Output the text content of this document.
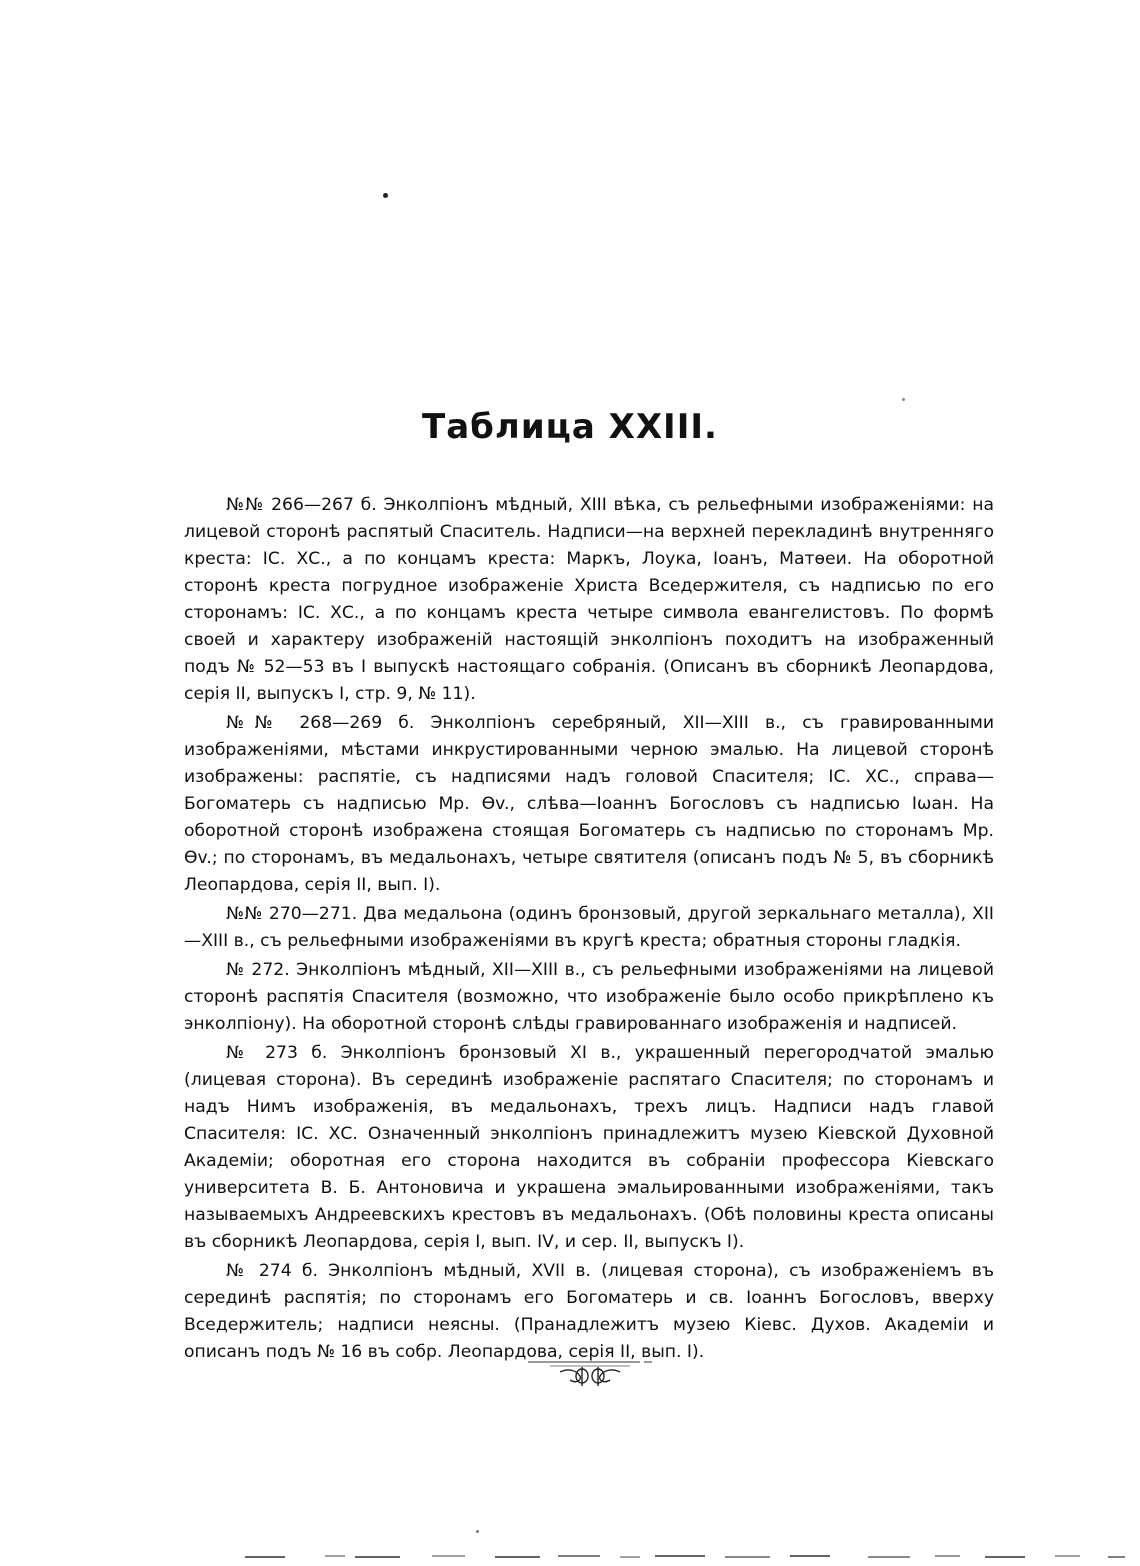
Таблица XXIII.

№№ 266—267 б. Энколпіонъ мѣдный, XIII вѣка, съ рельефными изображеніями: на лицевой сторонѣ распятый Спаситель. Надписи—на верхней перекладинѣ внутренняго креста: IС. ХС., а по концамъ креста: Маркъ, Лоука, Іоанъ, Матѳеи. На оборотной сторонѣ креста погрудное изображеніе Христа Вседержителя, съ надписью по его сторонамъ: IС. ХС., а по концамъ креста четыре символа евангелистовъ. По формѣ своей и характеру изображеній настоящій энколпіонъ походитъ на изображенный подъ № 52—53 въ I выпускѣ настоящаго собранія. (Описанъ въ сборникѣ Леопардова, серія II, выпускъ I, стр. 9, № 11).

№№ 268—269 б. Энколпіонъ серебряный, XII—XIII в., съ гравированными изображеніями, мѣстами инкрустированными черною эмалью. На лицевой сторонѣ изображены: распятіе, съ надписями надъ головой Спасителя; IС. ХС., справа—Богоматерь съ надписью Мр. Ѳv., слѣва—Іоаннъ Богословъ съ надписью Іωан. На оборотной сторонѣ изображена стоящая Богоматерь съ надписью по сторонамъ Мр. Ѳv.; по сторонамъ, въ медальонахъ, четыре святителя (описанъ подъ № 5, въ сборникѣ Леопардова, серія II, вып. I).

№№ 270—271. Два медальона (одинъ бронзовый, другой зеркальнаго металла), XII—XIII в., съ рельефными изображеніями въ кругѣ креста; обратныя стороны гладкія.

№ 272. Энколпіонъ мѣдный, XII—XIII в., съ рельефными изображеніями на лицевой сторонѣ распятія Спасителя (возможно, что изображеніе было особо прикрѣплено къ энколпіону). На оборотной сторонѣ слѣды гравированнаго изображенія и надписей.

№ 273 б. Энколпіонъ бронзовый XI в., украшенный перегородчатой эмалью (лицевая сторона). Въ серединѣ изображеніе распятаго Спасителя; по сторонамъ и надъ Нимъ изображенія, въ медальонахъ, трехъ лицъ. Надписи надъ главой Спасителя: IС. ХС. Означенный энколпіонъ принадлежитъ музею Кіевской Духовной Академіи; оборотная его сторона находится въ собраніи профессора Кіевскаго университета В. Б. Антоновича и украшена эмальированными изображеніями, такъ называемыхъ Андреевскихъ крестовъ въ медальонахъ. (Обѣ половины креста описаны въ сборникѣ Леопардова, серія I, вып. IV, и сер. II, выпускъ I).

№ 274 б. Энколпіонъ мѣдный, XVII в. (лицевая сторона), съ изображеніемъ въ серединѣ распятія; по сторонамъ его Богоматерь и св. Іоаннъ Богословъ, вверху Вседержитель; надписи неясны. (Пранадлежитъ музею Кіевс. Духов. Академіи и описанъ подъ № 16 въ собр. Леопардова, серія II, вып. I).
